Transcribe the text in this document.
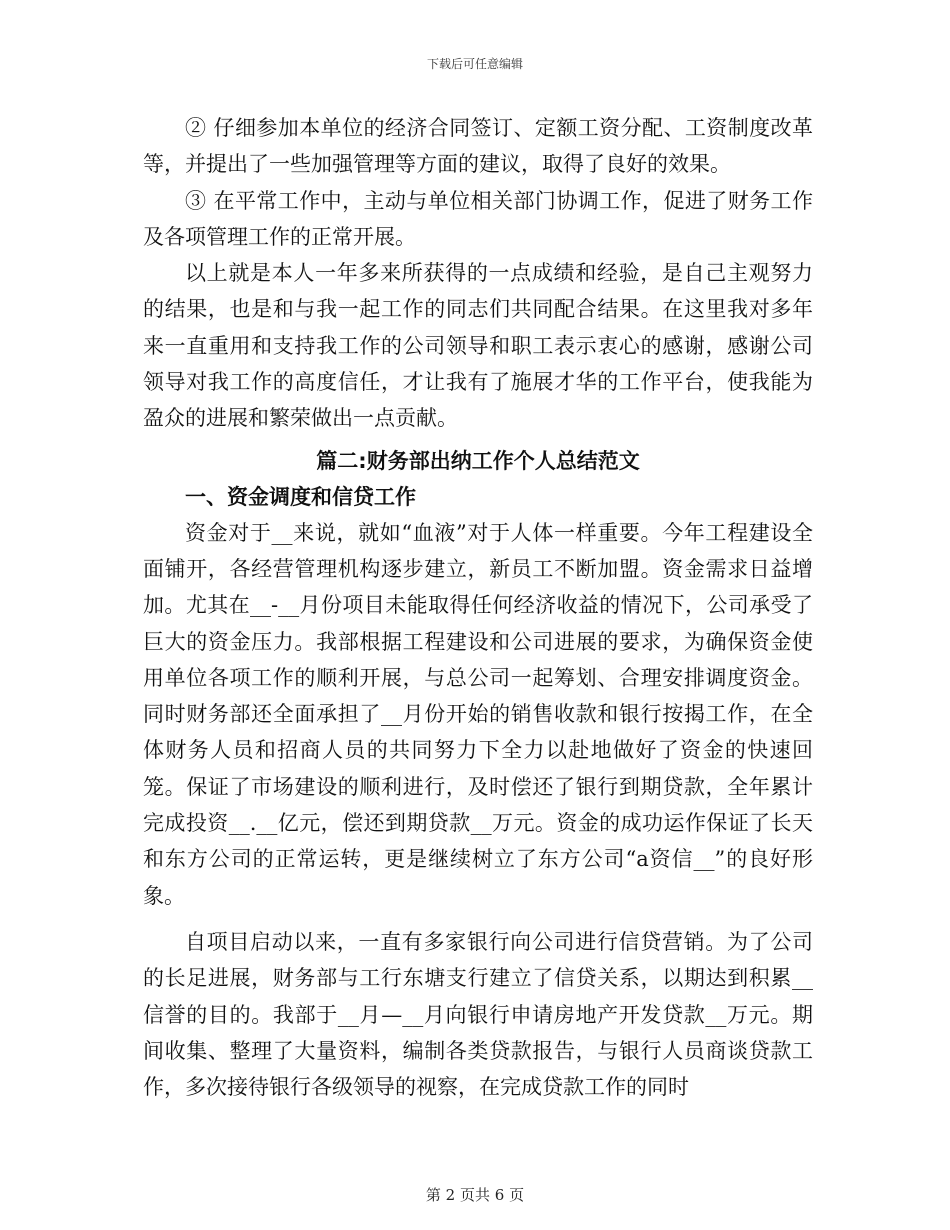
下载后可任意编辑

② 仔细参加本单位的经济合同签订、定额工资分配、工资制度改革等，并提出了一些加强管理等方面的建议，取得了良好的效果。

③ 在平常工作中，主动与单位相关部门协调工作，促进了财务工作及各项管理工作的正常开展。

以上就是本人一年多来所获得的一点成绩和经验，是自己主观努力的结果，也是和与我一起工作的同志们共同配合结果。在这里我对多年来一直重用和支持我工作的公司领导和职工表示衷心的感谢，感谢公司领导对我工作的高度信任，才让我有了施展才华的工作平台，使我能为盈众的进展和繁荣做出一点贡献。

篇二:财务部出纳工作个人总结范文
一、资金调度和信贷工作

资金对于__来说，就如“血液”对于人体一样重要。今年工程建设全面铺开，各经营管理机构逐步建立，新员工不断加盟。资金需求日益增加。尤其在__-__月份项目未能取得任何经济收益的情况下，公司承受了巨大的资金压力。我部根据工程建设和公司进展的要求，为确保资金使用单位各项工作的顺利开展，与总公司一起筹划、合理安排调度资金。同时财务部还全面承担了__月份开始的销售收款和银行按揭工作，在全体财务人员和招商人员的共同努力下全力以赴地做好了资金的快速回笼。保证了市场建设的顺利进行，及时偿还了银行到期贷款，全年累计完成投资__.__亿元，偿还到期贷款__万元。资金的成功运作保证了长天和东方公司的正常运转，更是继续树立了东方公司“a资信__”的良好形象。

自项目启动以来，一直有多家银行向公司进行信贷营销。为了公司的长足进展，财务部与工行东塘支行建立了信贷关系，以期达到积累__信誉的目的。我部于__月—__月向银行申请房地产开发贷款__万元。期间收集、整理了大量资料，编制各类贷款报告，与银行人员商谈贷款工作，多次接待银行各级领导的视察，在完成贷款工作的同时

第 2 页共 6 页
